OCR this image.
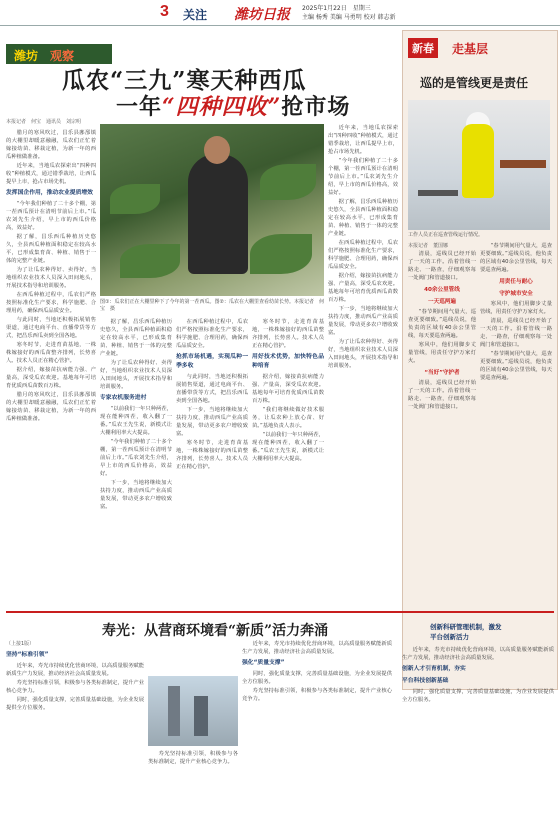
3 关注 潍坊日报 2025年1月22日　星期三
主编 杨秀 美编 马勇明 校对 韩志新
潍坊 观察
瓜农“三九”寒天种西瓜
一年“四种四收”抢市场
本报记者　何宝　通讯员　刘宗明

腊月的寒风吹过，昌乐县鄌郚镇的大棚里却暖意融融，瓜农们正忙着嫁接幼苗、移栽定植，为新一年的西瓜种植做准备。

近年来，当地瓜农探索出“四种四收”种植模式，通过错季栽培，让西瓜提早上市，抢占市场先机。

发挥国企作用，推动农业提质增效

“今年我们种植了二十多个棚，第一茬西瓜预计在清明节前后上市。”瓜农刘先生介绍，早上市的西瓜价格高，效益好。

据了解，昌乐西瓜种植历史悠久，全县西瓜种植面积稳定在较高水平，已形成集育苗、种植、销售于一体的完整产业链。

为了让瓜农种得好、卖得好，当地组织农业技术人员深入田间地头，开展技术指导和培训服务。

在西瓜种植过程中，瓜农们严格按照标准化生产要求，科学施肥、合理用药，确保西瓜品质安全。

与此同时，当地还积极拓展销售渠道，通过电商平台、直播带货等方式，把昌乐西瓜卖到全国各地。

寒冬时节，走进育苗基地，一株株嫁接好的西瓜苗整齐排列，长势喜人。技术人员正在精心管护。

据介绍，嫁接苗抗病能力强、产量高，深受瓜农欢迎。基地每年可培育优质西瓜苗数百万株。

腊月的寒风吹过，昌乐县鄌郚镇的大棚里却暖意融融，瓜农们正忙着嫁接幼苗、移栽定植，为新一年的西瓜种植做准备。

图①：瓜农们正在大棚里种下了今年的第一茬西瓜。图②：瓜农在大棚里查看幼苗长势。本报记者　何宝　摄

据了解，昌乐西瓜种植历史悠久，全县西瓜种植面积稳定在较高水平，已形成集育苗、种植、销售于一体的完整产业链。

为了让瓜农种得好、卖得好，当地组织农业技术人员深入田间地头，开展技术指导和培训服务。

专家农机服务进村

“以前我们一年只种两茬，现在能种四茬，收入翻了一番。”瓜农王先生说，新模式让大棚利用率大大提高。

“今年我们种植了二十多个棚，第一茬西瓜预计在清明节前后上市。”瓜农刘先生介绍，早上市的西瓜价格高，效益好。

下一步，当地将继续加大扶持力度，推动西瓜产业高质量发展，带动更多农户增收致富。

在西瓜种植过程中，瓜农们严格按照标准化生产要求，科学施肥、合理用药，确保西瓜品质安全。

抢抓市场机遇，实现瓜种一季多收

与此同时，当地还积极拓展销售渠道，通过电商平台、直播带货等方式，把昌乐西瓜卖到全国各地。

下一步，当地将继续加大扶持力度，推动西瓜产业高质量发展，带动更多农户增收致富。

寒冬时节，走进育苗基地，一株株嫁接好的西瓜苗整齐排列，长势喜人。技术人员正在精心管护。

寒冬时节，走进育苗基地，一株株嫁接好的西瓜苗整齐排列，长势喜人。技术人员正在精心管护。

用好技术优势，加快特色品种培育

据介绍，嫁接苗抗病能力强、产量高，深受瓜农欢迎。基地每年可培育优质西瓜苗数百万株。

“我们将继续做好技术服务，让瓜农种上放心苗、好苗。”基地负责人表示。

“以前我们一年只种两茬，现在能种四茬，收入翻了一番。”瓜农王先生说，新模式让大棚利用率大大提高。

近年来，当地瓜农探索出“四种四收”种植模式，通过错季栽培，让西瓜提早上市，抢占市场先机。

“今年我们种植了二十多个棚，第一茬西瓜预计在清明节前后上市。”瓜农刘先生介绍，早上市的西瓜价格高，效益好。

据了解，昌乐西瓜种植历史悠久，全县西瓜种植面积稳定在较高水平，已形成集育苗、种植、销售于一体的完整产业链。

在西瓜种植过程中，瓜农们严格按照标准化生产要求，科学施肥、合理用药，确保西瓜品质安全。

据介绍，嫁接苗抗病能力强、产量高，深受瓜农欢迎。基地每年可培育优质西瓜苗数百万株。

下一步，当地将继续加大扶持力度，推动西瓜产业高质量发展，带动更多农户增收致富。

为了让瓜农种得好、卖得好，当地组织农业技术人员深入田间地头，开展技术指导和培训服务。

新春	走基层
巡的是管线更是责任
工作人员正在巡查管线运行情况。
本报记者　董国娜

清晨，巡线员已经开始了一天的工作。沿着管线一路走、一路查，仔细观察每一处阀门和管道接口。

40余公里管线
一天巡两遍

“春节期间用气量大，巡查更要细致。”巡线员说，他负责的区域有40余公里管线，每天要巡查两遍。

寒风中，他们用脚步丈量管线，用责任守护万家灯火。

“当好”守护者

清晨，巡线员已经开始了一天的工作。沿着管线一路走、一路查，仔细观察每一处阀门和管道接口。

“春节期间用气量大，巡查更要细致。”巡线员说，他负责的区域有40余公里管线，每天要巡查两遍。

用责任与耐心
守护城市安全

寒风中，他们用脚步丈量管线，用责任守护万家灯火。

清晨，巡线员已经开始了一天的工作。沿着管线一路走、一路查，仔细观察每一处阀门和管道接口。

“春节期间用气量大，巡查更要细致。”巡线员说，他负责的区域有40余公里管线，每天要巡查两遍。

寿光：从营商环境看“新质”活力奔涌
（上接1版）
坚持“标准引领”

近年来，寿光市持续优化营商环境，以高质量服务赋能新质生产力发展，推动经济社会高质量发展。

寿光坚持标准引领，积极参与各类标准制定，提升产业核心竞争力。

同时，强化质量支撑，完善质量基础设施，为企业发展提供全方位服务。

寿光坚持标准引领，积极参与各类标准制定，提升产业核心竞争力。

近年来，寿光市持续优化营商环境，以高质量服务赋能新质生产力发展，推动经济社会高质量发展。

强化“质量支撑”

同时，强化质量支撑，完善质量基础设施，为企业发展提供全方位服务。

寿光坚持标准引领，积极参与各类标准制定，提升产业核心竞争力。

创新科研管理机制，激发
平台创新活力

近年来，寿光市持续优化营商环境，以高质量服务赋能新质生产力发展，推动经济社会高质量发展。

创新人才引育机制，夯实
平台科技创新基础

同时，强化质量支撑，完善质量基础设施，为企业发展提供全方位服务。
